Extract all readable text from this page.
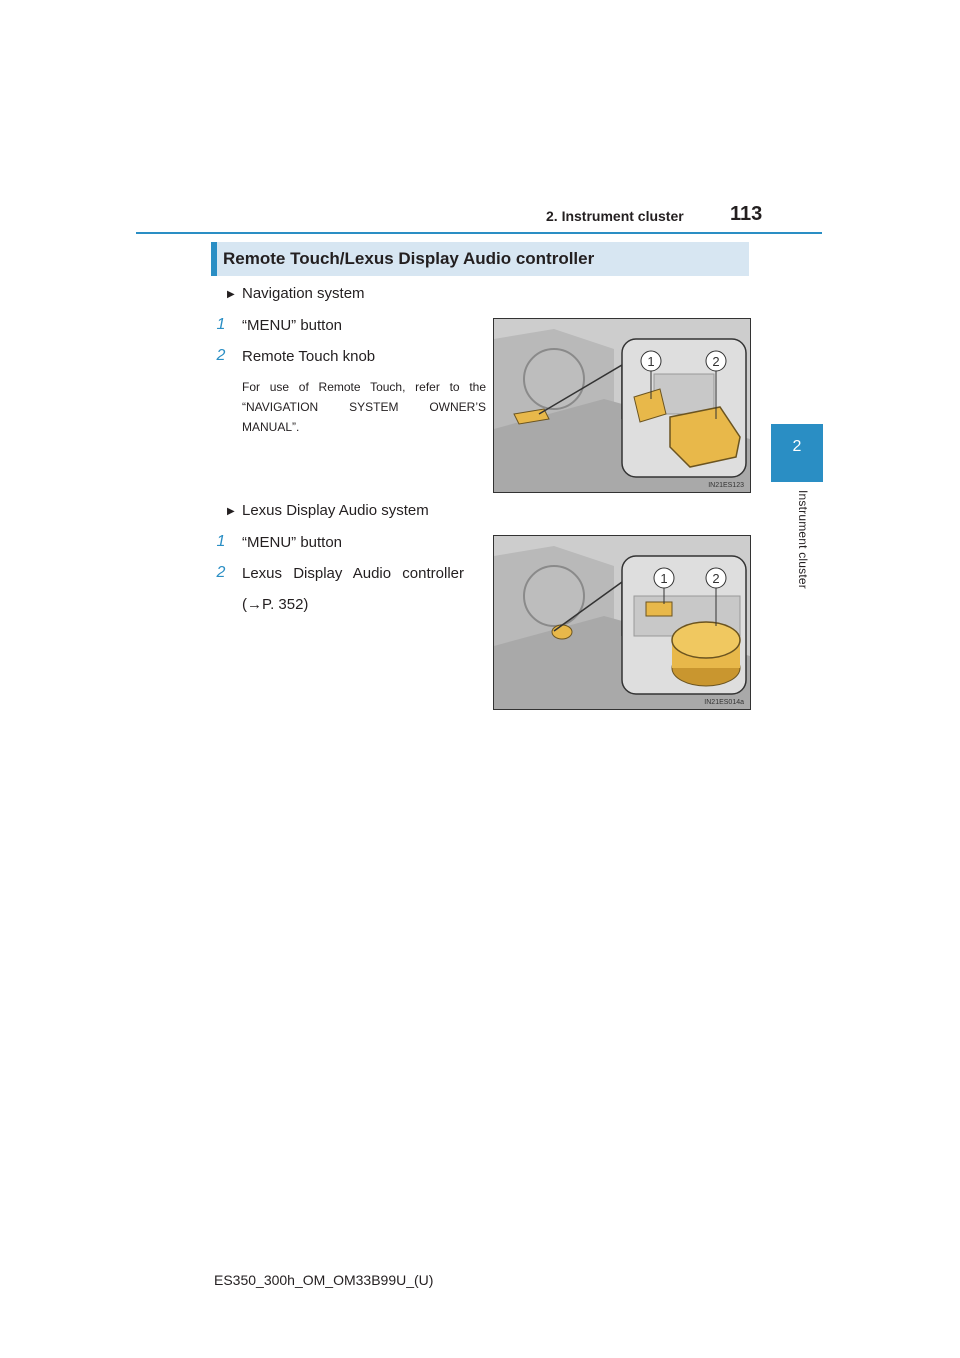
2. Instrument cluster 113
2
Instrument cluster
Remote Touch/Lexus Display Audio controller
▶ Navigation system
1 “MENU” button
2 Remote Touch knob
For use of Remote Touch, refer to the “NAVIGATION SYSTEM OWNER’S MANUAL”.
1	2
IN21ES123
▶ Lexus Display Audio system
1 “MENU” button
2 Lexus Display Audio controller
(→P. 352)
1	2
IN21ES014a
ES350_300h_OM_OM33B99U_(U)
